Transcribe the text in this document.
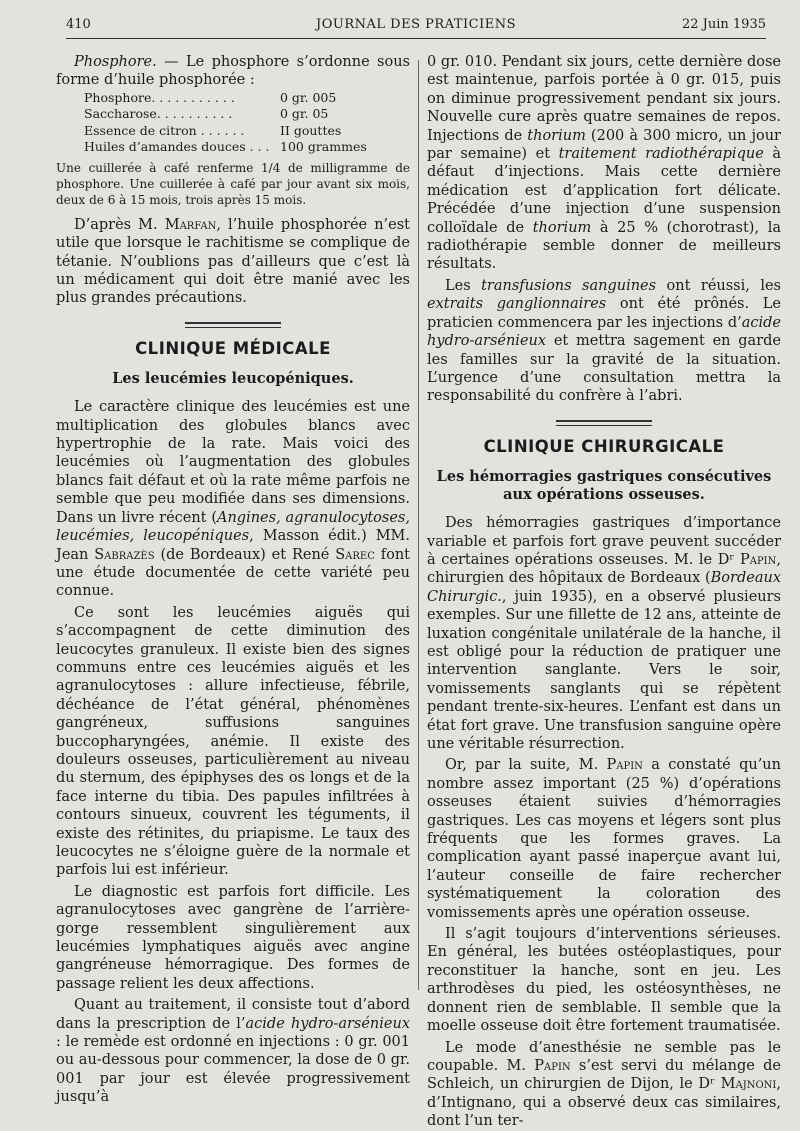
410	JOURNAL DES PRATICIENS	22 Juin 1935

Phosphore. — Le phosphore s’ordonne sous forme d’huile phosphorée :

Phosphore. . . . . . . . . . .	0 gr. 005
Saccharose. . . . . . . . . .	0 gr. 05
Essence de citron . . . . . .	II gouttes
Huiles d’amandes douces . . . 100 grammes

Une cuillerée à café renferme 1/4 de milligramme de phosphore. Une cuillerée à café par jour avant six mois, deux de 6 à 15 mois, trois après 15 mois.

D’après M. Marfan, l’huile phosphorée n’est utile que lorsque le rachitisme se complique de tétanie. N’oublions pas d’ailleurs que c’est là un médicament qui doit être manié avec les plus grandes précautions.

CLINIQUE MÉDICALE
Les leucémies leucopéniques.

Le caractère clinique des leucémies est une multiplication des globules blancs avec hypertrophie de la rate. Mais voici des leucémies où l’augmentation des globules blancs fait défaut et où la rate même parfois ne semble que peu modifiée dans ses dimensions. Dans un livre récent (Angines, agranulocytoses, leucémies, leucopéniques, Masson édit.) MM. Jean Sabrazès (de Bordeaux) et René Sarec font une étude documentée de cette variété peu connue.

Ce sont les leucémies aiguës qui s’accompagnent de cette diminution des leucocytes granuleux. Il existe bien des signes communs entre ces leucémies aiguës et les agranulocytoses : allure infectieuse, fébrile, déchéance de l’état général, phénomènes gangréneux, suffusions sanguines buccopharyngées, anémie. Il existe des douleurs osseuses, particulièrement au niveau du sternum, des épiphyses des os longs et de la face interne du tibia. Des papules infiltrées à contours sinueux, couvrent les téguments, il existe des rétinites, du priapisme. Le taux des leucocytes ne s’éloigne guère de la normale et parfois lui est inférieur.

Le diagnostic est parfois fort difficile. Les agranulocytoses avec gangrène de l’arrière-gorge ressemblent singulièrement aux leucémies lymphatiques aiguës avec angine gangréneuse hémorragique. Des formes de passage relient les deux affections.

Quant au traitement, il consiste tout d’abord dans la prescription de l’acide hydro-arsénieux : le remède est ordonné en injections : 0 gr. 001 ou au-dessous pour commencer, la dose de 0 gr. 001 par jour est élevée progressivement jusqu’à

0 gr. 010. Pendant six jours, cette dernière dose est maintenue, parfois portée à 0 gr. 015, puis on diminue progressivement pendant six jours. Nouvelle cure après quatre semaines de repos. Injections de thorium (200 à 300 micro, un jour par semaine) et traitement radiothérapique à défaut d’injections. Mais cette dernière médication est d’application fort délicate. Précédée d’une injection d’une suspension colloïdale de thorium à 25 % (chorotrast), la radiothérapie semble donner de meilleurs résultats.

Les transfusions sanguines ont réussi, les extraits ganglionnaires ont été prônés. Le praticien commencera par les injections d’acide hydro-arsénieux et mettra sagement en garde les familles sur la gravité de la situation. L’urgence d’une consultation mettra la responsabilité du confrère à l’abri.

CLINIQUE CHIRURGICALE
Les hémorragies gastriques consécutives aux opérations osseuses.

Des hémorragies gastriques d’importance variable et parfois fort grave peuvent succéder à certaines opérations osseuses. M. le Dʳ Papin, chirurgien des hôpitaux de Bordeaux (Bordeaux Chirurgic., juin 1935), en a observé plusieurs exemples. Sur une fillette de 12 ans, atteinte de luxation congénitale unilatérale de la hanche, il est obligé pour la réduction de pratiquer une intervention sanglante. Vers le soir, vomissements sanglants qui se répètent pendant trente-six-heures. L’enfant est dans un état fort grave. Une transfusion sanguine opère une véritable résurrection.

Or, par la suite, M. Papin a constaté qu’un nombre assez important (25 %) d’opérations osseuses étaient suivies d’hémorragies gastriques. Les cas moyens et légers sont plus fréquents que les formes graves. La complication ayant passé inaperçue avant lui, l’auteur conseille de faire rechercher systématiquement la coloration des vomissements après une opération osseuse.

Il s’agit toujours d’interventions sérieuses. En général, les butées ostéoplastiques, pour reconstituer la hanche, sont en jeu. Les arthrodèses du pied, les ostéosynthèses, ne donnent rien de semblable. Il semble que la moelle osseuse doit être fortement traumatisée.

Le mode d’anesthésie ne semble pas le coupable. M. Papin s’est servi du mélange de Schleich, un chirurgien de Dijon, le Dʳ Majnoni, d’Intignano, qui a observé deux cas similaires, dont l’un ter-
